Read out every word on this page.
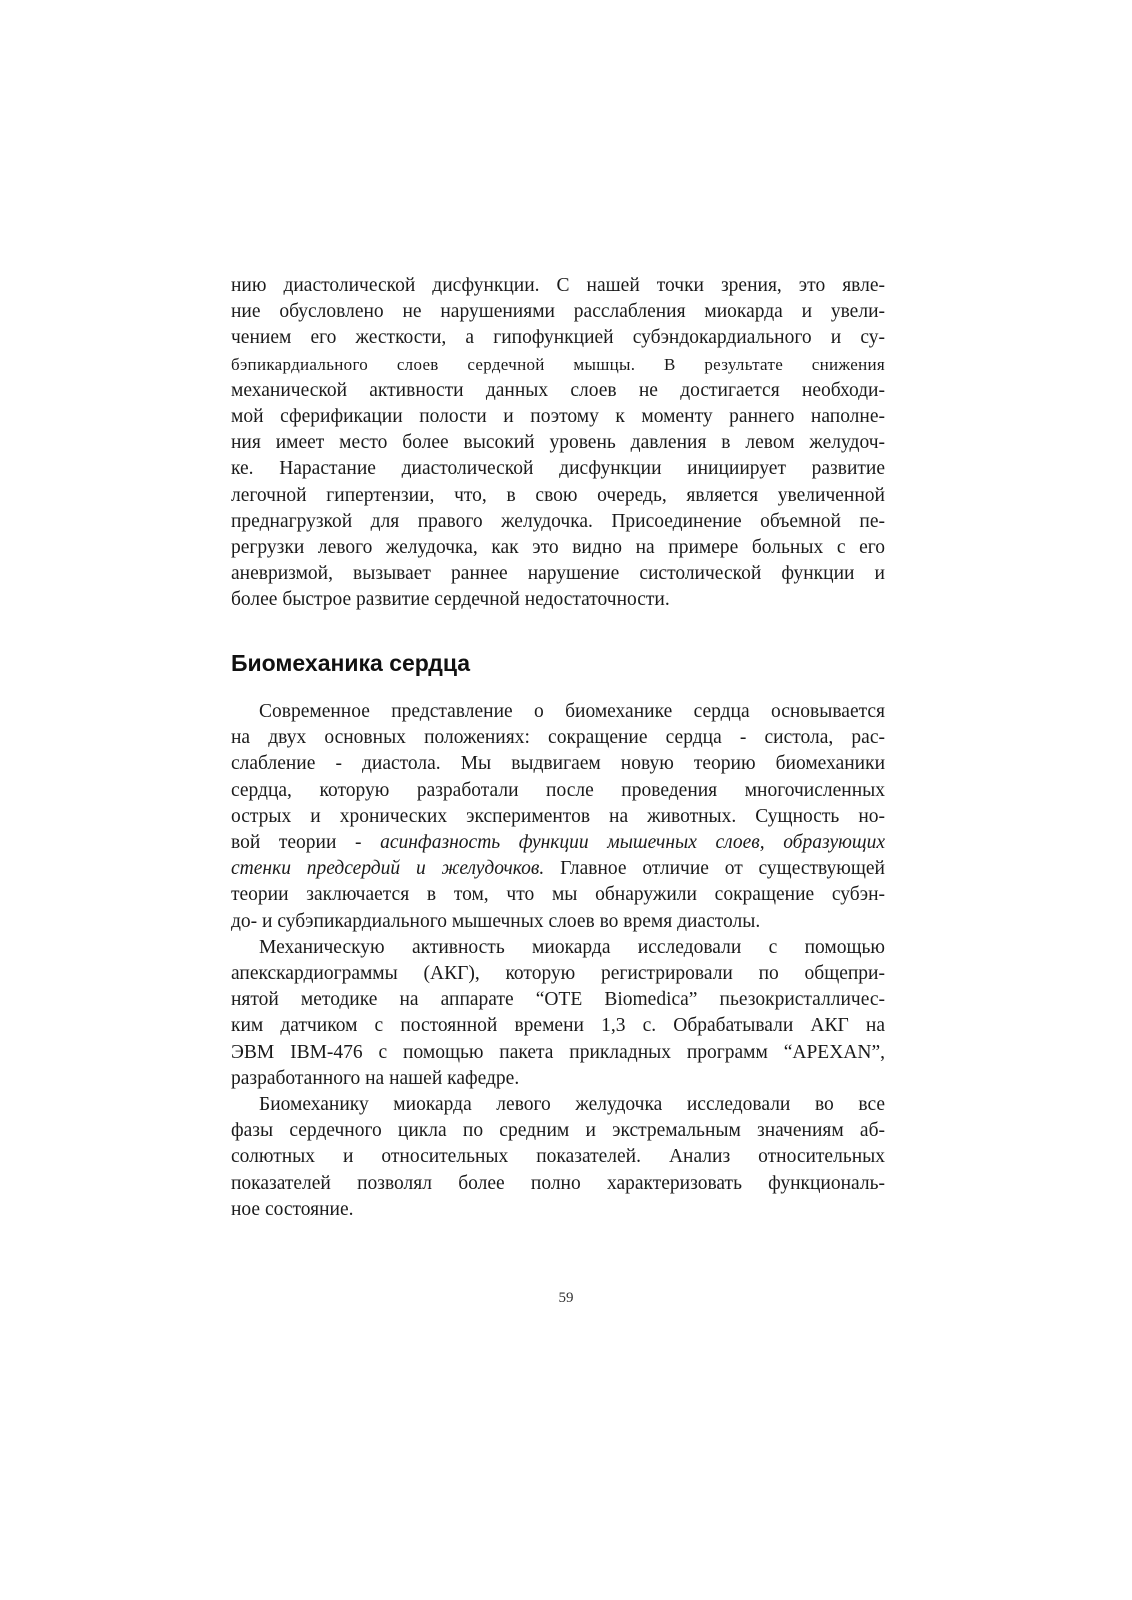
нию диастолической дисфункции. С нашей точки зрения, это явле-
ние обусловлено не нарушениями расслабления миокарда и увели-
чением его жесткости, а гипофункцией субэндокардиального и су-
бэпикардиального слоев сердечной мышцы. В результате снижения
механической активности данных слоев не достигается необходи-
мой сферификации полости и поэтому к моменту раннего наполне-
ния имеет место более высокий уровень давления в левом желудоч-
ке. Нарастание диастолической дисфункции инициирует развитие
легочной гипертензии, что, в свою очередь, является увеличенной
преднагрузкой для правого желудочка. Присоединение объемной пе-
регрузки левого желудочка, как это видно на примере больных с его
аневризмой, вызывает раннее нарушение систолической функции и
более быстрое развитие сердечной недостаточности.
Биомеханика сердца
Современное представление о биомеханике сердца основывается
на двух основных положениях: сокращение сердца - систола, рас-
слабление - диастола. Мы выдвигаем новую теорию биомеханики
сердца, которую разработали после проведения многочисленных
острых и хронических экспериментов на животных. Сущность но-
вой теории - асинфазность функции мышечных слоев, образующих
стенки предсердий и желудочков. Главное отличие от существующей
теории заключается в том, что мы обнаружили сокращение субэн-
до- и субэпикардиального мышечных слоев во время диастолы.
Механическую активность миокарда исследовали с помощью
апекскардиограммы (АКГ), которую регистрировали по общепри-
нятой методике на аппарате “ОТЕ Biomedica” пьезокристалличес-
ким датчиком с постоянной времени 1,3 с. Обрабатывали АКГ на
ЭВМ IBM-476 с помощью пакета прикладных программ “APEXAN”,
разработанного на нашей кафедре.
Биомеханику миокарда левого желудочка исследовали во все
фазы сердечного цикла по средним и экстремальным значениям аб-
солютных и относительных показателей. Анализ относительных
показателей позволял более полно характеризовать функциональ-
ное состояние.
59
